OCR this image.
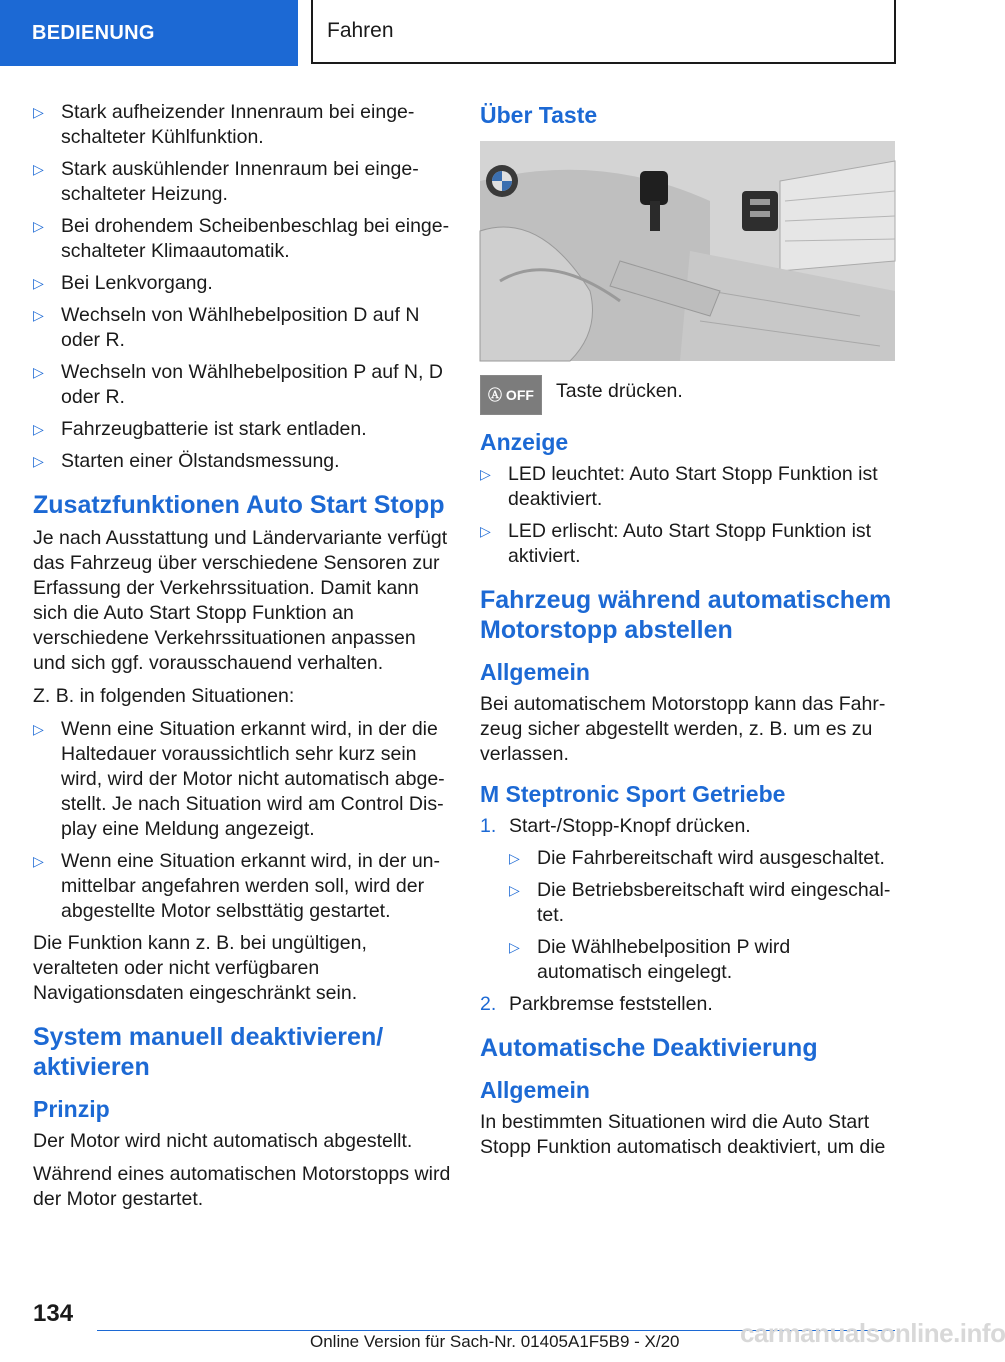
BEDIENUNG	Fahren
▷ Stark aufheizender Innenraum bei eingeschalteter Kühlfunktion.
▷ Stark auskühlender Innenraum bei eingeschalteter Heizung.
▷ Bei drohendem Scheibenbeschlag bei eingeschalteter Klimaautomatik.
▷ Bei Lenkvorgang.
▷ Wechseln von Wählhebelposition D auf N oder R.
▷ Wechseln von Wählhebelposition P auf N, D oder R.
▷ Fahrzeugbatterie ist stark entladen.
▷ Starten einer Ölstandsmessung.
Zusatzfunktionen Auto Start Stopp

Je nach Ausstattung und Ländervariante verfügt das Fahrzeug über verschiedene Sensoren zur Erfassung der Verkehrssituation. Damit kann sich die Auto Start Stopp Funktion an verschiedene Verkehrssituationen anpassen und sich ggf. vorausschauend verhalten.

Z. B. in folgenden Situationen:

▷ Wenn eine Situation erkannt wird, in der die Haltedauer voraussichtlich sehr kurz sein wird, wird der Motor nicht automatisch abgestellt. Je nach Situation wird am Control Display eine Meldung angezeigt.
▷ Wenn eine Situation erkannt wird, in der unmittelbar angefahren werden soll, wird der abgestellte Motor selbsttätig gestartet.

Die Funktion kann z. B. bei ungültigen, veralteten oder nicht verfügbaren Navigationsdaten eingeschränkt sein.

System manuell deaktivieren/ aktivieren
Prinzip

Der Motor wird nicht automatisch abgestellt.

Während eines automatischen Motorstopps wird der Motor gestartet.

Über Taste
Ⓐ OFF	Taste drücken.

Anzeige
▷ LED leuchtet: Auto Start Stopp Funktion ist deaktiviert.
▷ LED erlischt: Auto Start Stopp Funktion ist aktiviert.
Fahrzeug während automatischem Motorstopp abstellen
Allgemein

Bei automatischem Motorstopp kann das Fahrzeug sicher abgestellt werden, z. B. um es zu verlassen.

M Steptronic Sport Getriebe
1. Start-/Stopp-Knopf drücken.
▷ Die Fahrbereitschaft wird ausgeschaltet.
▷ Die Betriebsbereitschaft wird eingeschaltet.
▷ Die Wählhebelposition P wird automatisch eingelegt.
2. Parkbremse feststellen.
Automatische Deaktivierung
Allgemein

In bestimmten Situationen wird die Auto Start Stopp Funktion automatisch deaktiviert, um die

134
carmanualsonline.info
Online Version für Sach-Nr. 01405A1F5B9 - X/20
